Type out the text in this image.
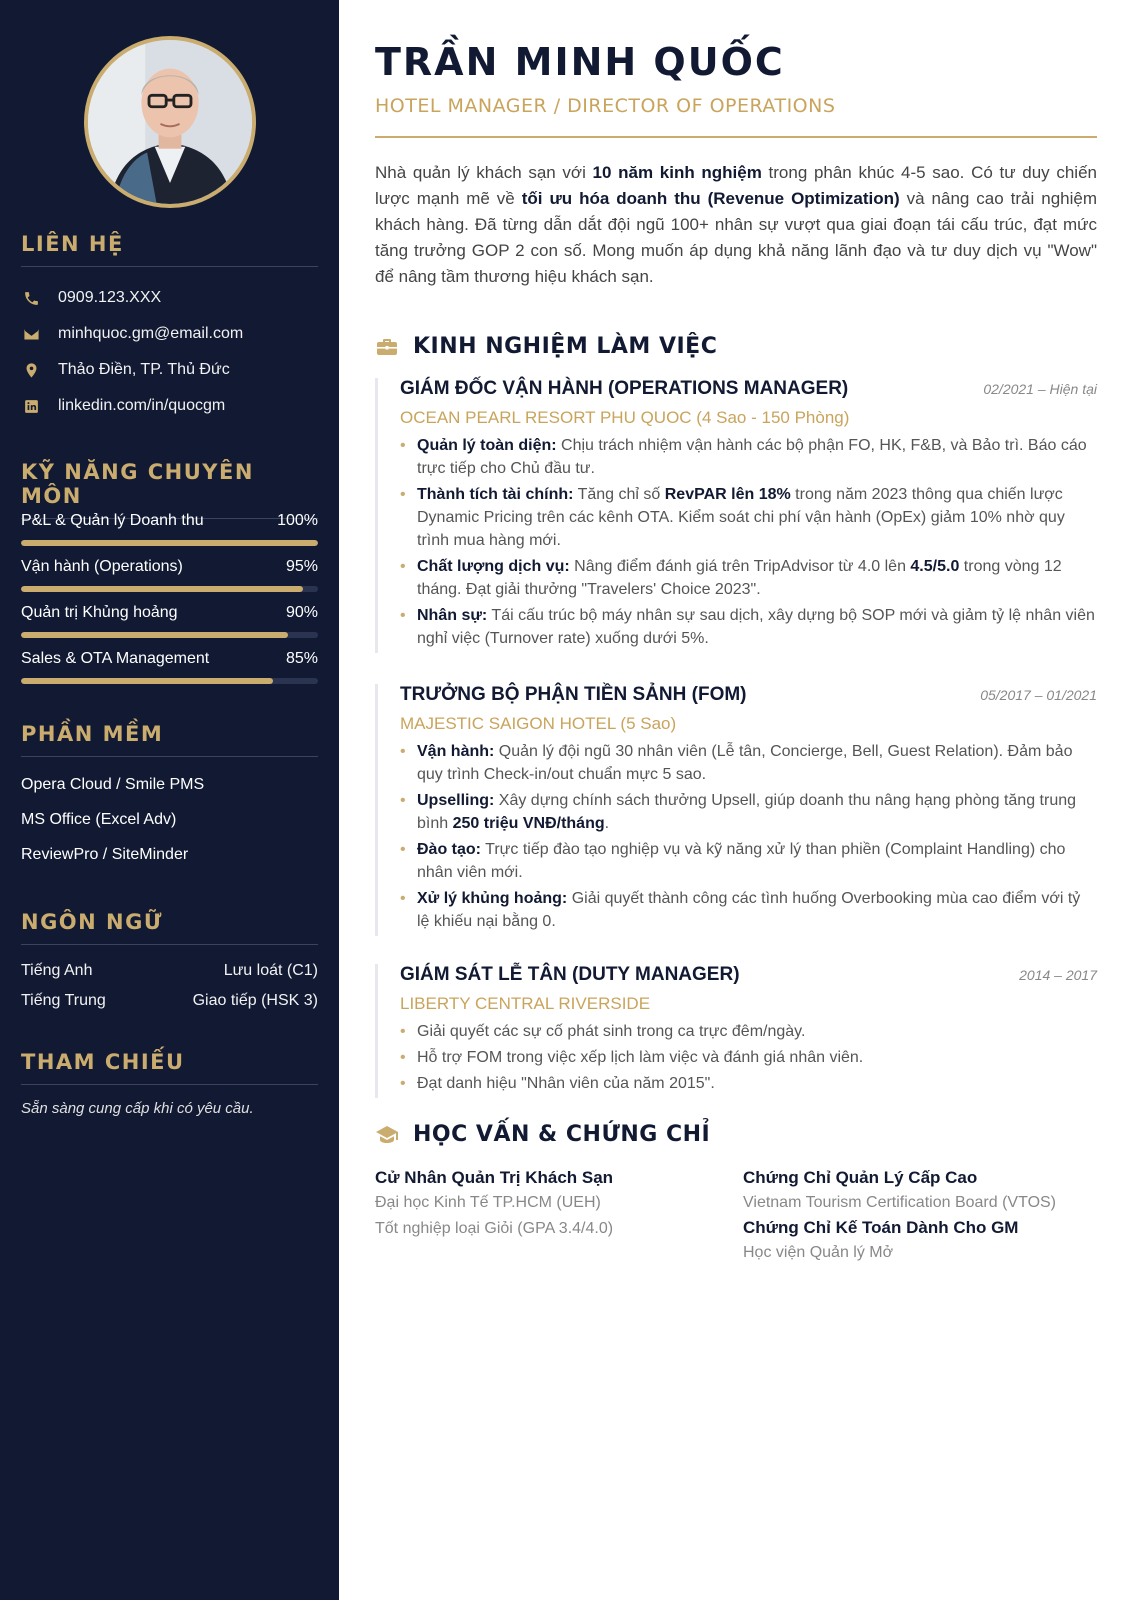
LIÊN HỆ
0909.123.XXX
minhquoc.gm@email.com
Thảo Điền, TP. Thủ Đức
linkedin.com/in/quocgm
KỸ NĂNG CHUYÊN MÔN
P&L & Quản lý Doanh thu	100%
Vận hành (Operations)	95%
Quản trị Khủng hoảng	90%
Sales & OTA Management	85%
PHẦN MỀM
Opera Cloud / Smile PMS
MS Office (Excel Adv)
ReviewPro / SiteMinder
NGÔN NGỮ
Tiếng Anh	Lưu loát (C1)
Tiếng Trung	Giao tiếp (HSK 3)
THAM CHIẾU
Sẵn sàng cung cấp khi có yêu cầu.
TRẦN MINH QUỐC
HOTEL MANAGER / DIRECTOR OF OPERATIONS

Nhà quản lý khách sạn với 10 năm kinh nghiệm trong phân khúc 4-5 sao. Có tư duy chiến lược mạnh mẽ về tối ưu hóa doanh thu (Revenue Optimization) và nâng cao trải nghiệm khách hàng. Đã từng dẫn dắt đội ngũ 100+ nhân sự vượt qua giai đoạn tái cấu trúc, đạt mức tăng trưởng GOP 2 con số. Mong muốn áp dụng khả năng lãnh đạo và tư duy dịch vụ "Wow" để nâng tầm thương hiệu khách sạn.

KINH NGHIỆM LÀM VIỆC
GIÁM ĐỐC VẬN HÀNH (OPERATIONS MANAGER)	02/2021 – Hiện tại
OCEAN PEARL RESORT PHU QUOC (4 Sao - 150 Phòng)
• Quản lý toàn diện: Chịu trách nhiệm vận hành các bộ phận FO, HK, F&B, và Bảo trì. Báo cáo trực tiếp cho Chủ đầu tư.
• Thành tích tài chính: Tăng chỉ số RevPAR lên 18% trong năm 2023 thông qua chiến lược Dynamic Pricing trên các kênh OTA. Kiểm soát chi phí vận hành (OpEx) giảm 10% nhờ quy trình mua hàng mới.
• Chất lượng dịch vụ: Nâng điểm đánh giá trên TripAdvisor từ 4.0 lên 4.5/5.0 trong vòng 12 tháng. Đạt giải thưởng "Travelers' Choice 2023".
• Nhân sự: Tái cấu trúc bộ máy nhân sự sau dịch, xây dựng bộ SOP mới và giảm tỷ lệ nhân viên nghỉ việc (Turnover rate) xuống dưới 5%.
TRƯỞNG BỘ PHẬN TIỀN SẢNH (FOM)	05/2017 – 01/2021
MAJESTIC SAIGON HOTEL (5 Sao)
• Vận hành: Quản lý đội ngũ 30 nhân viên (Lễ tân, Concierge, Bell, Guest Relation). Đảm bảo quy trình Check-in/out chuẩn mực 5 sao.
• Upselling: Xây dựng chính sách thưởng Upsell, giúp doanh thu nâng hạng phòng tăng trung bình 250 triệu VNĐ/tháng.
• Đào tạo: Trực tiếp đào tạo nghiệp vụ và kỹ năng xử lý than phiền (Complaint Handling) cho nhân viên mới.
• Xử lý khủng hoảng: Giải quyết thành công các tình huống Overbooking mùa cao điểm với tỷ lệ khiếu nại bằng 0.
GIÁM SÁT LỄ TÂN (DUTY MANAGER)	2014 – 2017
LIBERTY CENTRAL RIVERSIDE
• Giải quyết các sự cố phát sinh trong ca trực đêm/ngày.
• Hỗ trợ FOM trong việc xếp lịch làm việc và đánh giá nhân viên.
• Đạt danh hiệu "Nhân viên của năm 2015".
HỌC VẤN & CHỨNG CHỈ
Cử Nhân Quản Trị Khách Sạn
Đại học Kinh Tế TP.HCM (UEH)
Tốt nghiệp loại Giỏi (GPA 3.4/4.0)
Chứng Chỉ Quản Lý Cấp Cao
Vietnam Tourism Certification Board (VTOS)
Chứng Chỉ Kế Toán Dành Cho GM
Học viện Quản lý Mở
